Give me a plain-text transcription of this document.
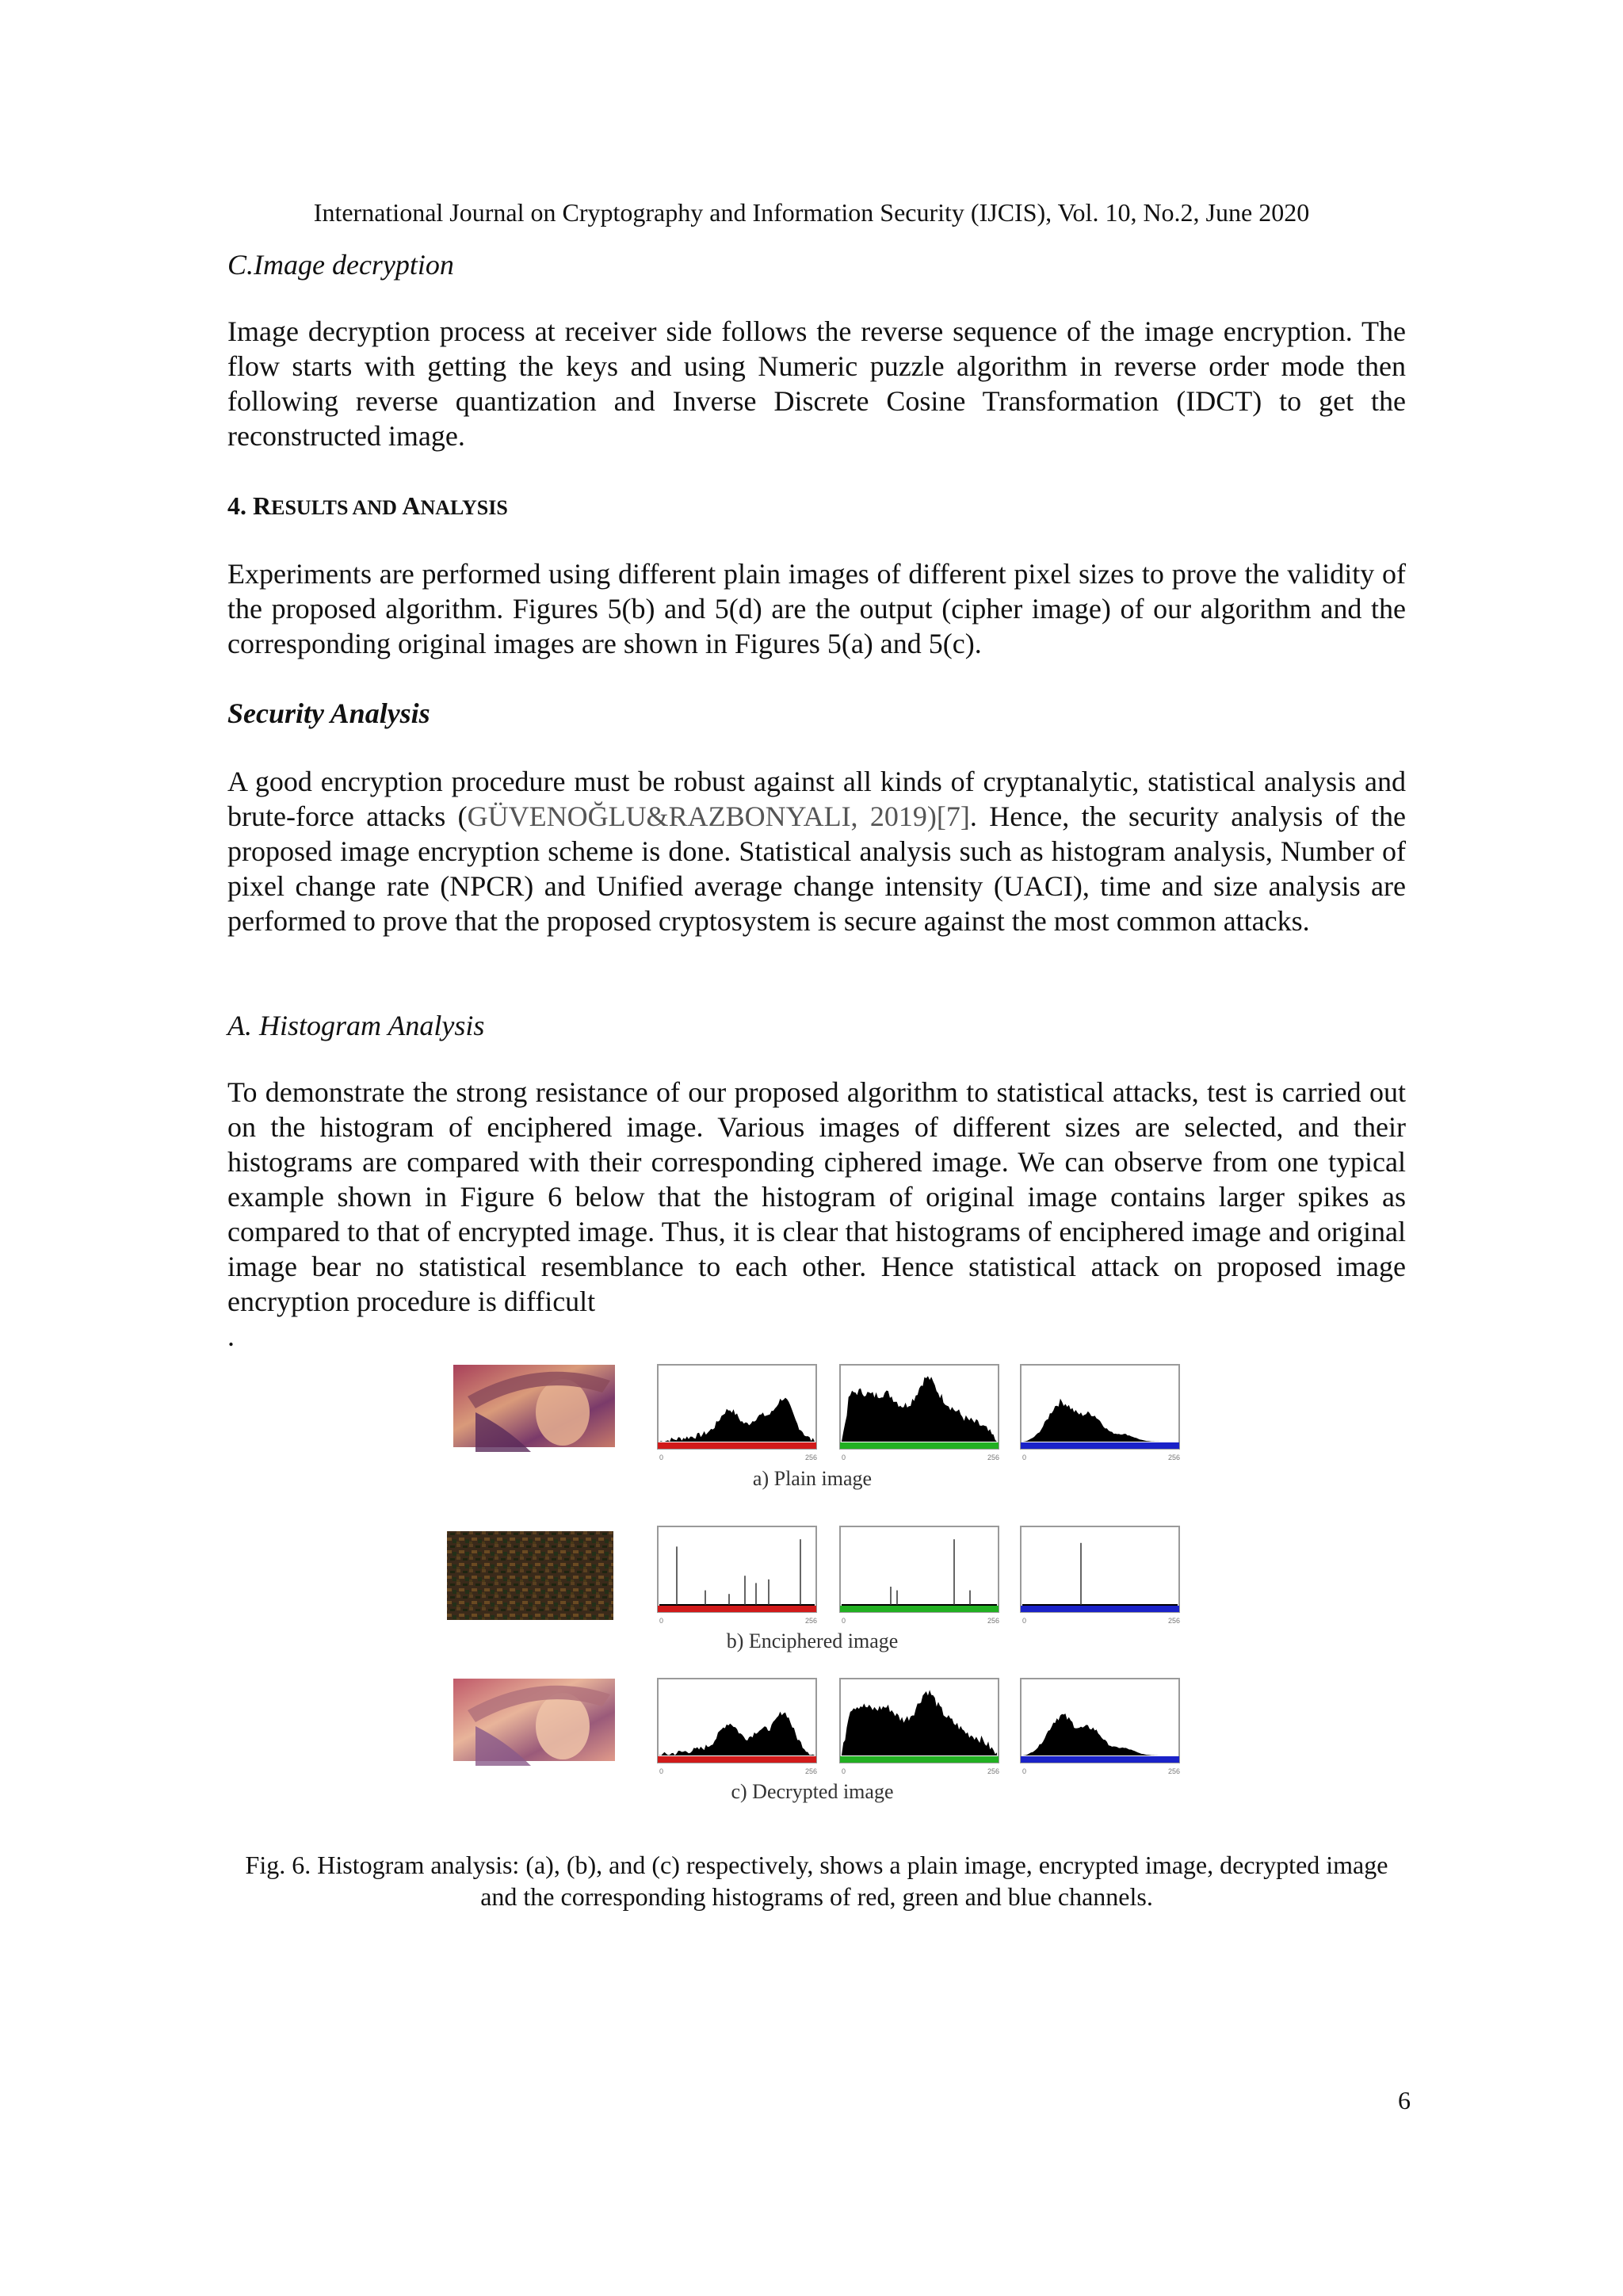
International Journal on Cryptography and Information Security (IJCIS), Vol. 10, No.2, June 2020
C.Image decryption

Image decryption process at receiver side follows the reverse sequence of the image encryption. The flow starts with getting the keys and using Numeric puzzle algorithm in reverse order mode then following reverse quantization and Inverse Discrete Cosine Transformation (IDCT) to get the reconstructed image.

4. RESULTS AND ANALYSIS

Experiments are performed using different plain images of different pixel sizes to prove the validity of the proposed algorithm. Figures 5(b) and 5(d) are the output (cipher image) of our algorithm and the corresponding original images are shown in Figures 5(a) and 5(c).

Security Analysis

A good encryption procedure must be robust against all kinds of cryptanalytic, statistical analysis and brute-force attacks (GÜVENOĞLU&RAZBONYALI, 2019)[7]. Hence, the security analysis of the proposed image encryption scheme is done. Statistical analysis such as histogram analysis, Number of pixel change rate (NPCR) and Unified average change intensity (UACI), time and size analysis are performed to prove that the proposed cryptosystem is secure against the most common attacks.

A. Histogram Analysis

To demonstrate the strong resistance of our proposed algorithm to statistical attacks, test is carried out on the histogram of enciphered image. Various images of different sizes are selected, and their histograms are compared with their corresponding ciphered image. We can observe from one typical example shown in Figure 6 below that the histogram of original image contains larger spikes as compared to that of encrypted image. Thus, it is clear that histograms of enciphered image and original image bear no statistical resemblance to each other. Hence statistical attack on proposed image encryption procedure is difficult

.

0	256	0	256	0	256
0	256	0	256	0	256
0	256	0	256	0	256
a) Plain image
b) Enciphered image
c) Decrypted image
Fig. 6. Histogram analysis: (a), (b), and (c) respectively, shows a plain image, encrypted image, decrypted image and the corresponding histograms of red, green and blue channels.
6
